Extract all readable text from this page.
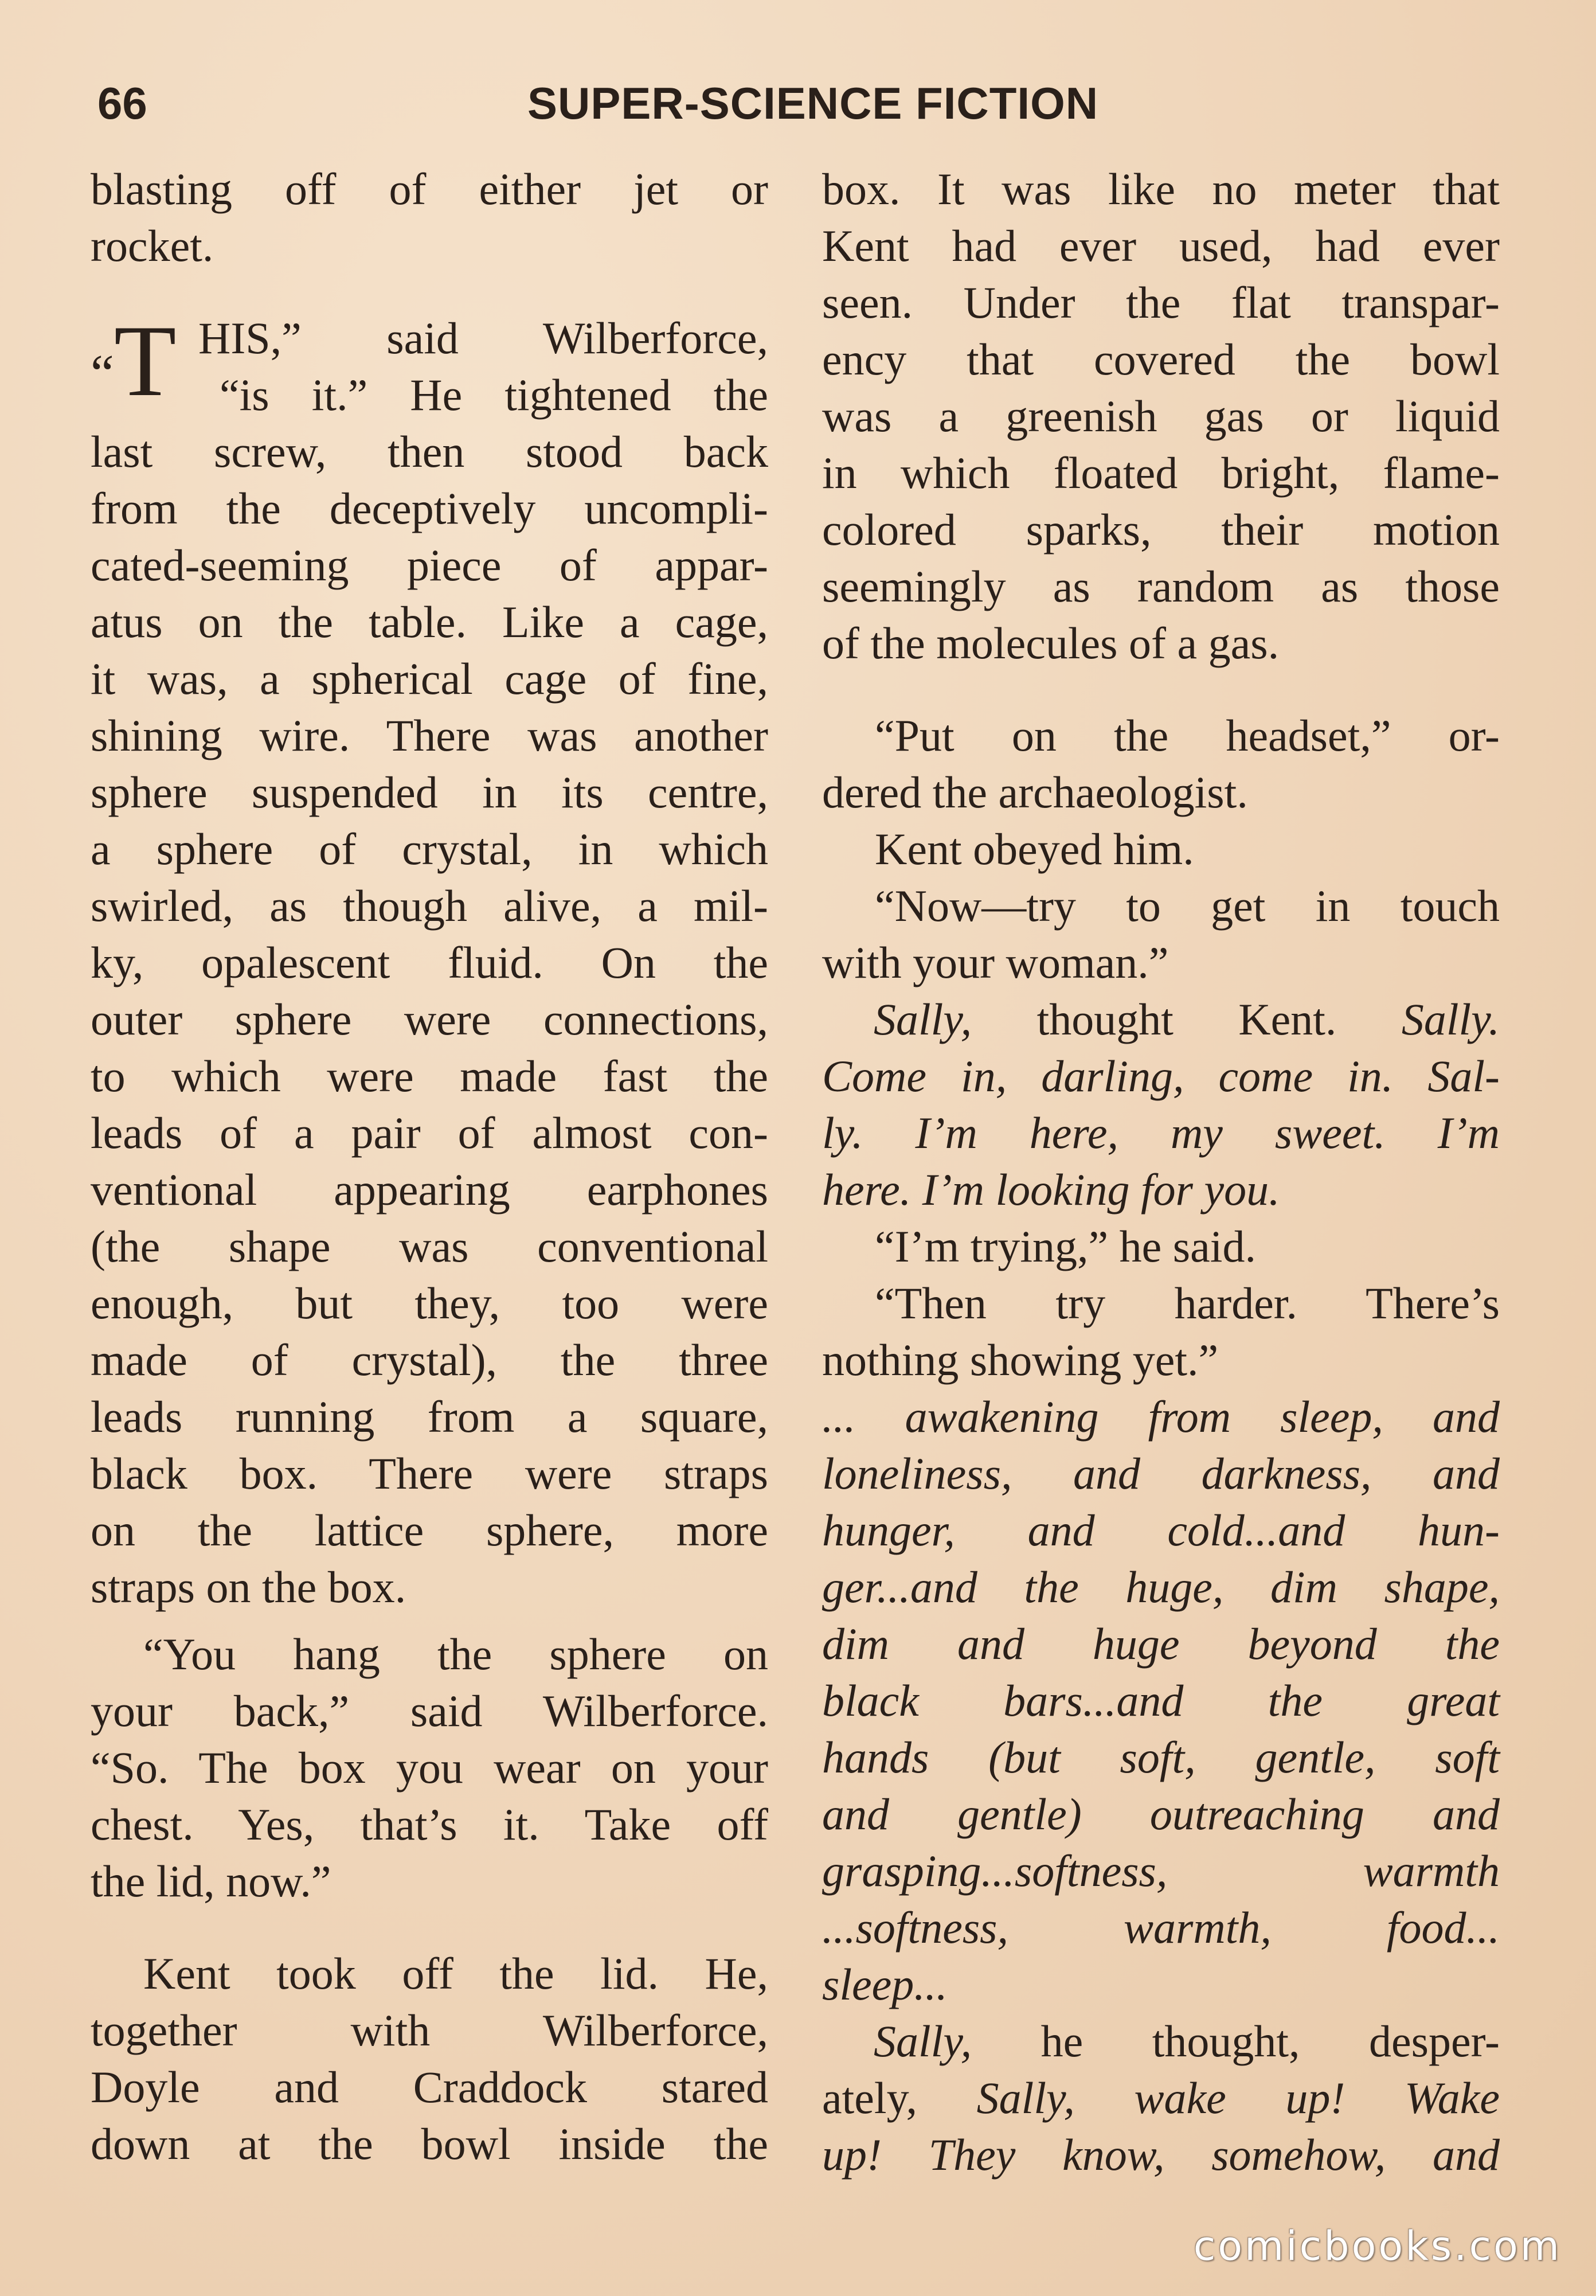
66	SUPER-SCIENCE FICTION
blasting off of either jet or
rocket.
“T HIS,” said Wilberforce,
“is it.” He tightened the
last screw, then stood back
from the deceptively uncompli-
cated-seeming piece of appar-
atus on the table. Like a cage,
it was, a spherical cage of fine,
shining wire. There was another
sphere suspended in its centre,
a sphere of crystal, in which
swirled, as though alive, a mil-
ky, opalescent fluid. On the
outer sphere were connections,
to which were made fast the
leads of a pair of almost con-
ventional appearing earphones
(the shape was conventional
enough, but they, too were
made of crystal), the three
leads running from a square,
black box. There were straps
on the lattice sphere, more
straps on the box.
“You hang the sphere on
your back,” said Wilberforce.
“So. The box you wear on your
chest. Yes, that’s it. Take off
the lid, now.”
Kent took off the lid. He,
together with Wilberforce,
Doyle and Craddock stared
down at the bowl inside the
box. It was like no meter that
Kent had ever used, had ever
seen. Under the flat transpar-
ency that covered the bowl
was a greenish gas or liquid
in which floated bright, flame-
colored sparks, their motion
seemingly as random as those
of the molecules of a gas.
“Put on the headset,” or-
dered the archaeologist.
Kent obeyed him.
“Now—try to get in touch
with your woman.”
Sally, thought Kent. Sally.
Come in, darling, come in. Sal-
ly. I’m here, my sweet. I’m
here. I’m looking for you.
“I’m trying,” he said.
“Then try harder. There’s
nothing showing yet.”
... awakening from sleep, and
loneliness, and darkness, and
hunger, and cold...and hun-
ger...and the huge, dim shape,
dim and huge beyond the
black bars...and the great
hands (but soft, gentle, soft
and gentle) outreaching and
grasping...softness, warmth
...softness, warmth, food...
sleep...
Sally, he thought, desper-
ately, Sally, wake up! Wake
up! They know, somehow, and
comicbooks.com
